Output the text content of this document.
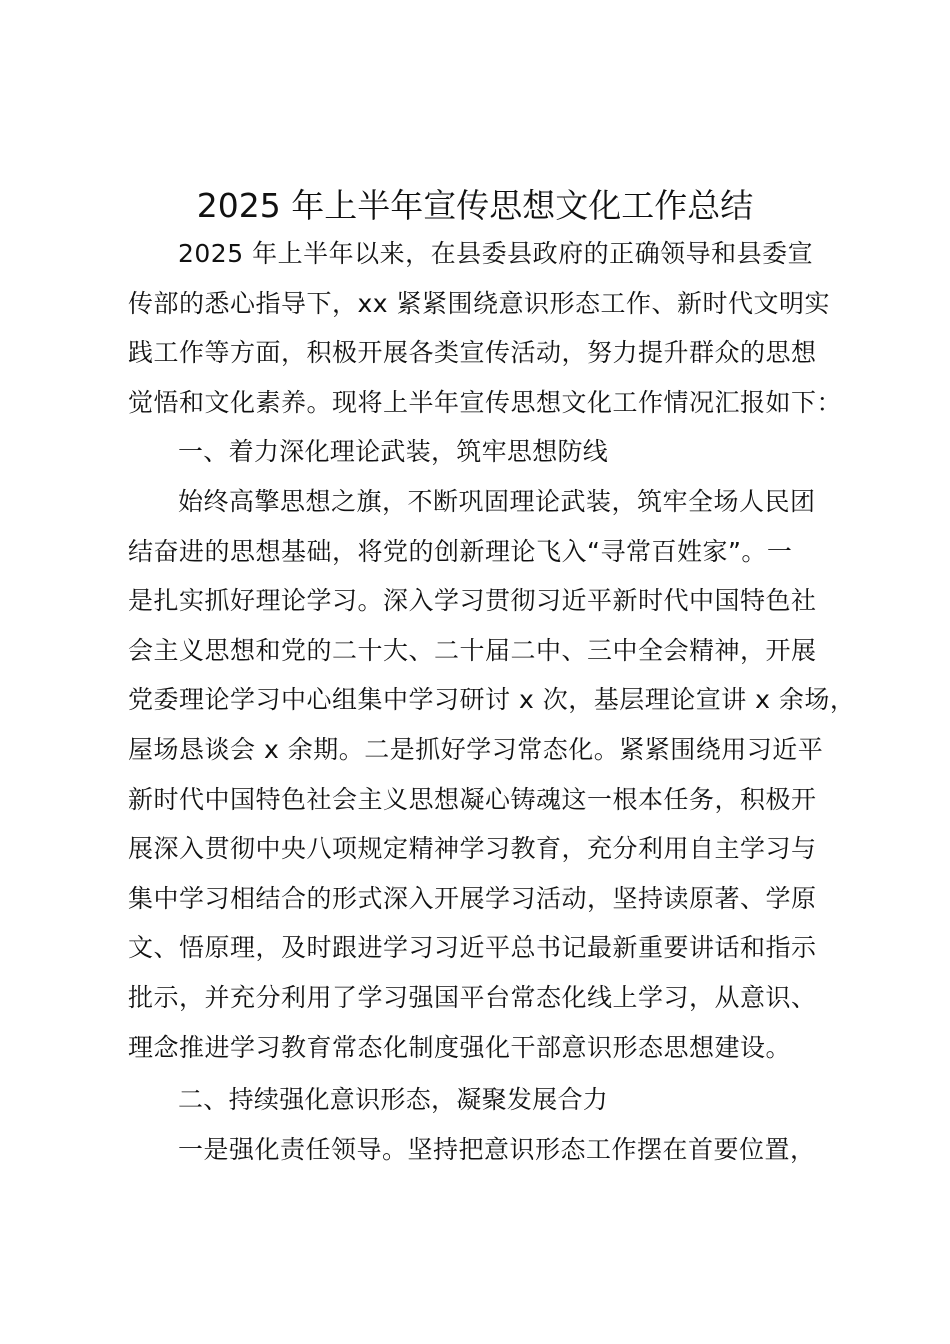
2025 年上半年宣传思想文化工作总结
2025 年上半年以来，在县委县政府的正确领导和县委宣
传部的悉心指导下，xx 紧紧围绕意识形态工作、新时代文明实
践工作等方面，积极开展各类宣传活动，努力提升群众的思想
觉悟和文化素养。现将上半年宣传思想文化工作情况汇报如下：
一、着力深化理论武装，筑牢思想防线
始终高擎思想之旗，不断巩固理论武装，筑牢全场人民团
结奋进的思想基础，将党的创新理论飞入“寻常百姓家”。一
是扎实抓好理论学习。深入学习贯彻习近平新时代中国特色社
会主义思想和党的二十大、二十届二中、三中全会精神，开展
党委理论学习中心组集中学习研讨 x 次，基层理论宣讲 x 余场，
屋场恳谈会 x 余期。二是抓好学习常态化。紧紧围绕用习近平
新时代中国特色社会主义思想凝心铸魂这一根本任务，积极开
展深入贯彻中央八项规定精神学习教育，充分利用自主学习与
集中学习相结合的形式深入开展学习活动，坚持读原著、学原
文、悟原理，及时跟进学习习近平总书记最新重要讲话和指示
批示，并充分利用了学习强国平台常态化线上学习，从意识、
理念推进学习教育常态化制度强化干部意识形态思想建设。
二、持续强化意识形态，凝聚发展合力
一是强化责任领导。坚持把意识形态工作摆在首要位置，
